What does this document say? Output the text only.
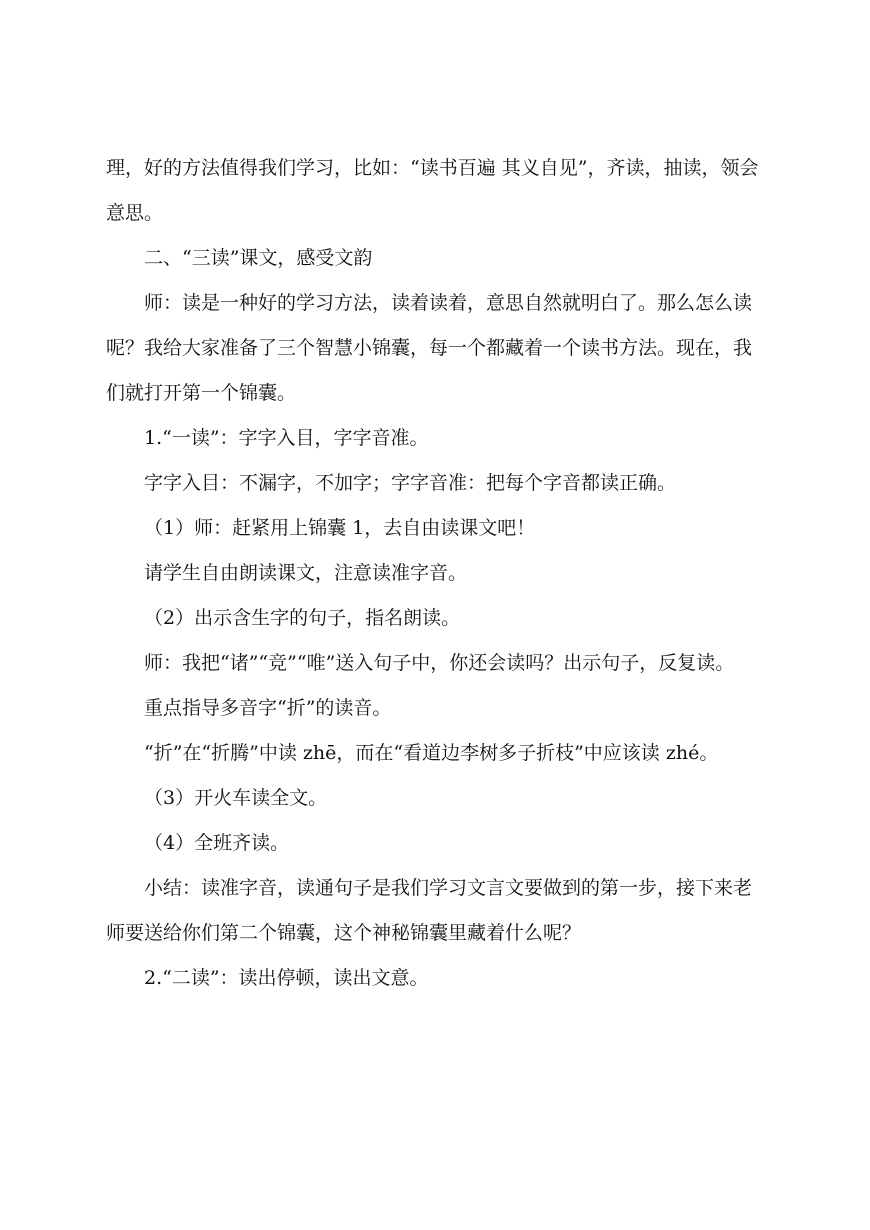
理，好的方法值得我们学习，比如：“读书百遍 其义自见”，齐读，抽读，领会意思。

二、“三读”课文，感受文韵

师：读是一种好的学习方法，读着读着，意思自然就明白了。那么怎么读呢？我给大家准备了三个智慧小锦囊，每一个都藏着一个读书方法。现在，我们就打开第一个锦囊。

1.“一读”：字字入目，字字音准。

字字入目：不漏字，不加字；字字音准：把每个字音都读正确。

（1）师：赶紧用上锦囊 1，去自由读课文吧！

请学生自由朗读课文，注意读准字音。

（2）出示含生字的句子，指名朗读。

师：我把“诸”“竞”“唯”送入句子中，你还会读吗？出示句子，反复读。

重点指导多音字“折”的读音。

“折”在“折腾”中读 zhē，而在“看道边李树多子折枝”中应该读 zhé。

（3）开火车读全文。

（4）全班齐读。

小结：读准字音，读通句子是我们学习文言文要做到的第一步，接下来老师要送给你们第二个锦囊，这个神秘锦囊里藏着什么呢？

2.“二读”：读出停顿，读出文意。
